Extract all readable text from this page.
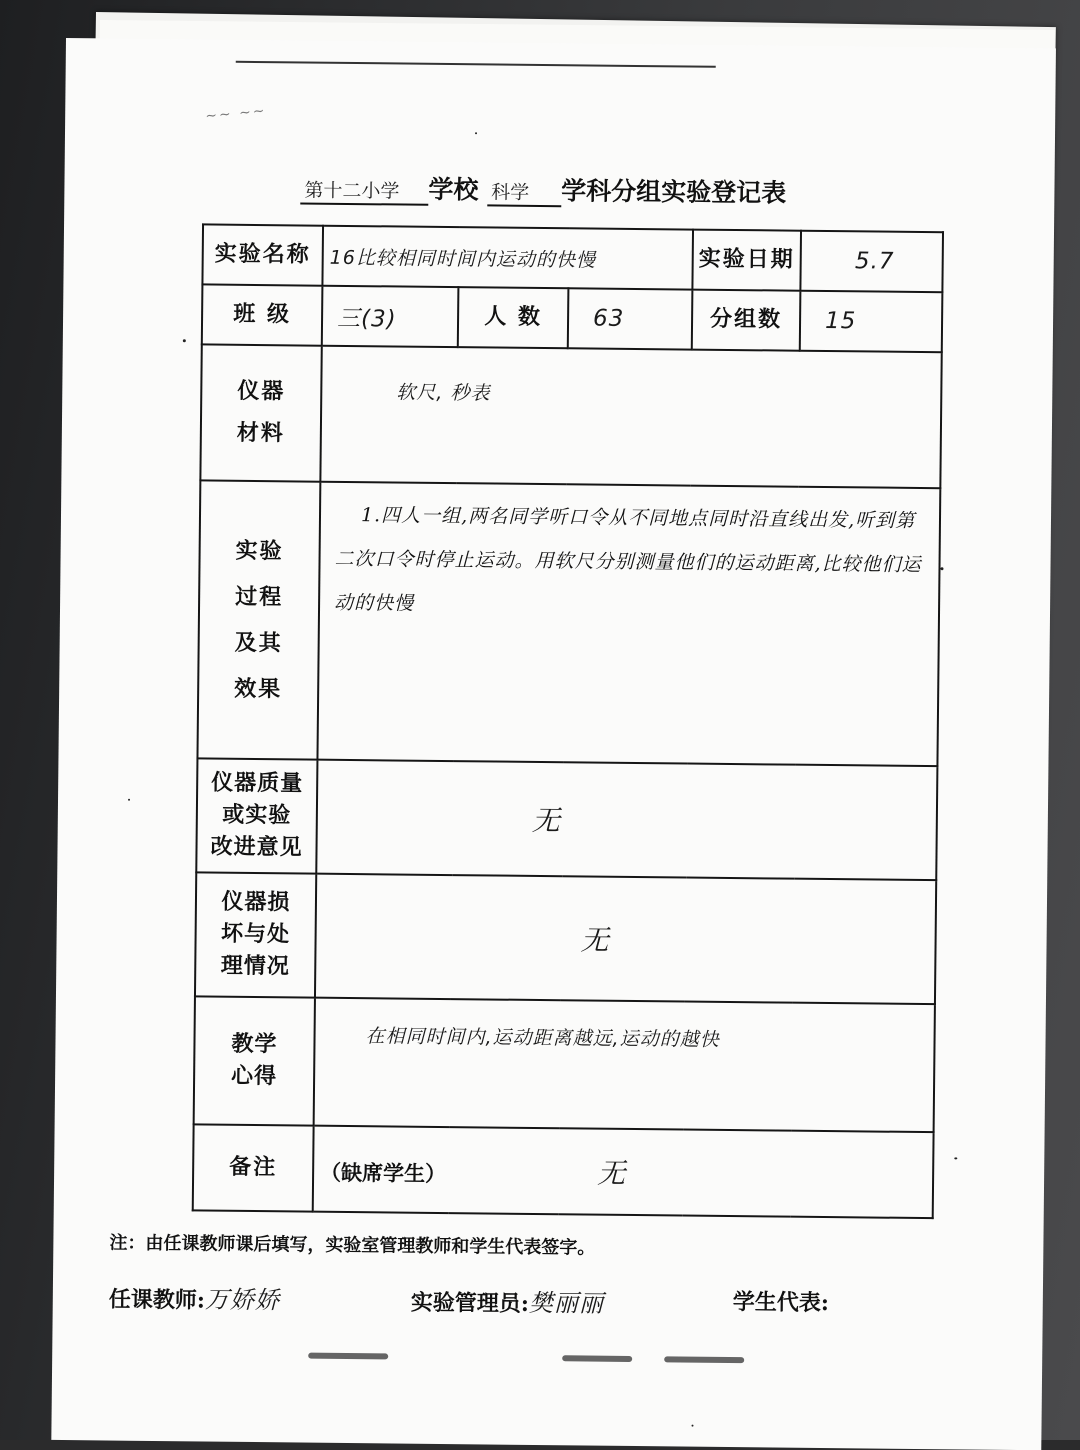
~~ ~~
第十二小学 学校 科学 学科分组实验登记表
实验名称	16比较相同时间内运动的快慢			实验日期	5.7
班 级	三(3)	人 数	63	分组数	15

仪器
材料	软尺, 秒表				

实验
过程
及其
效果	1.四人一组,两名同学听口令从不同地点同时沿直线出发,听到第二次口令时停止运动。用软尺分别测量他们的运动距离,比较他们运动的快慢				

仪器质量
或实验
改进意见	无				

仪器损
坏与处
理情况	无				

教学
心得	在相同时间内,运动距离越远,运动的越快				
备注	（缺席学生） 无				
注：由任课教师课后填写，实验室管理教师和学生代表签字。
任课教师:万娇娇	实验管理员:樊丽丽	学生代表:
